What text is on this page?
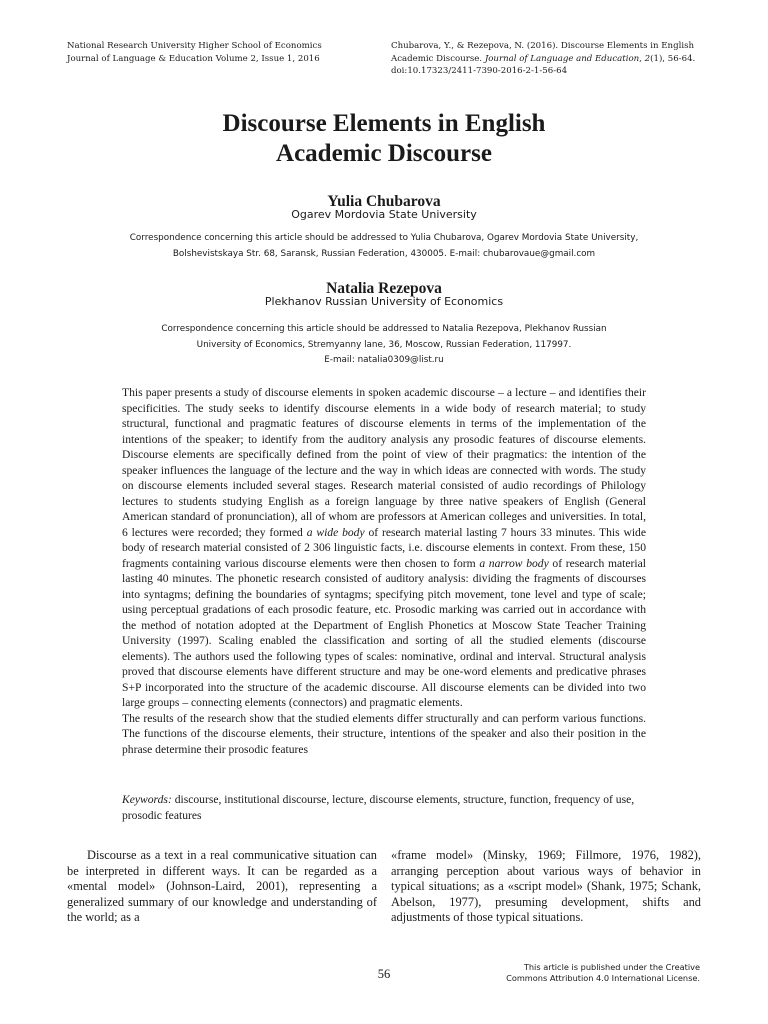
National Research University Higher School of Economics
Journal of Language & Education Volume 2, Issue 1, 2016
Chubarova, Y., & Rezepova, N. (2016). Discourse Elements in English Academic Discourse. Journal of Language and Education, 2(1), 56-64. doi:10.17323/2411-7390-2016-2-1-56-64
Discourse Elements in English
Academic Discourse
Yulia Chubarova
Ogarev Mordovia State University
Correspondence concerning this article should be addressed to Yulia Chubarova, Ogarev Mordovia State University, Bolshevistskaya Str. 68, Saransk, Russian Federation, 430005. E-mail: chubarovaue@gmail.com
Natalia Rezepova
Plekhanov Russian University of Economics
Correspondence concerning this article should be addressed to Natalia Rezepova, Plekhanov Russian
University of Economics, Stremyanny lane, 36, Moscow, Russian Federation, 117997.
E-mail: natalia0309@list.ru

This paper presents a study of discourse elements in spoken academic discourse – a lecture – and identifies their specificities. The study seeks to identify discourse elements in a wide body of research material; to study structural, functional and pragmatic features of discourse elements in terms of the implementation of the intentions of the speaker; to identify from the auditory analysis any prosodic features of discourse elements. Discourse elements are specifically defined from the point of view of their pragmatics: the intention of the speaker influences the language of the lecture and the way in which ideas are connected with words. The study on discourse elements included several stages. Research material consisted of audio recordings of Philology lectures to students studying English as a foreign language by three native speakers of English (General American standard of pronunciation), all of whom are professors at American colleges and universities. In total, 6 lectures were recorded; they formed a wide body of research material lasting 7 hours 33 minutes. This wide body of research material consisted of 2 306 linguistic facts, i.e. discourse elements in context. From these, 150 fragments containing various discourse elements were then chosen to form a narrow body of research material lasting 40 minutes. The phonetic research consisted of auditory analysis: dividing the fragments of discourses into syntagms; defining the boundaries of syntagms; specifying pitch movement, tone level and type of scale; using perceptual gradations of each prosodic feature, etc. Prosodic marking was carried out in accordance with the method of notation adopted at the Department of English Phonetics at Moscow State Teacher Training University (1997). Scaling enabled the classification and sorting of all the studied elements (discourse elements). The authors used the following types of scales: nominative, ordinal and interval. Structural analysis proved that discourse elements have different structure and may be one-word elements and predicative phrases S+P incorporated into the structure of the academic discourse. All discourse elements can be divided into two large groups – connecting elements (connectors) and pragmatic elements.

The results of the research show that the studied elements differ structurally and can perform various functions. The functions of the discourse elements, their structure, intentions of the speaker and also their position in the phrase determine their prosodic features

Keywords: discourse, institutional discourse, lecture, discourse elements, structure, function, frequency of use, prosodic features
Discourse as a text in a real communicative situation can be interpreted in different ways. It can be regarded as a «mental model» (Johnson-Laird, 2001), representing a generalized summary of our knowledge and understanding of the world; as a
«frame model» (Minsky, 1969; Fillmore, 1976, 1982), arranging perception about various ways of behavior in typical situations; as a «script model» (Shank, 1975; Schank, Abelson, 1977), presuming development, shifts and adjustments of those typical situations.
56	This article is published under the Creative
Commons Attribution 4.0 International License.
